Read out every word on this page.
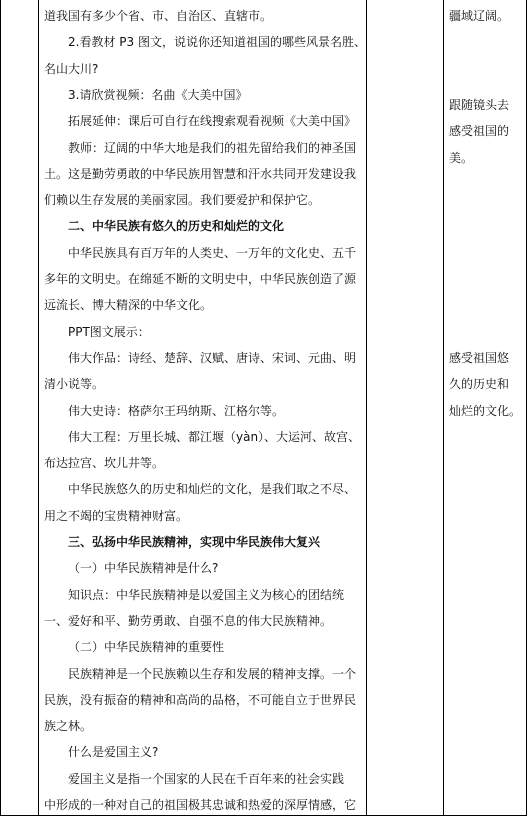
道我国有多少个省、市、自治区、直辖市。
2.看教材 P3 图文，说说你还知道祖国的哪些风景名胜、
名山大川?
3.请欣赏视频：名曲《大美中国》
拓展延伸：课后可自行在线搜索观看视频《大美中国》
教师：辽阔的中华大地是我们的祖先留给我们的神圣国
土。这是勤劳勇敢的中华民族用智慧和汗水共同开发建设我
们赖以生存发展的美丽家园。我们要爱护和保护它。
二、中华民族有悠久的历史和灿烂的文化
中华民族具有百万年的人类史、一万年的文化史、五千
多年的文明史。在绵延不断的文明史中，中华民族创造了源
远流长、博大精深的中华文化。
PPT图文展示：
伟大作品：诗经、楚辞、汉赋、唐诗、宋词、元曲、明
清小说等。
伟大史诗：格萨尔王玛纳斯、江格尔等。
伟大工程：万里长城、都江堰（yàn）、大运河、故宫、
布达拉宫、坎儿井等。
中华民族悠久的历史和灿烂的文化，是我们取之不尽、
用之不竭的宝贵精神财富。
三、弘扬中华民族精神，实现中华民族伟大复兴
（一）中华民族精神是什么?
知识点：中华民族精神是以爱国主义为核心的团结统
一、爱好和平、勤劳勇敢、自强不息的伟大民族精神。
（二）中华民族精神的重要性
民族精神是一个民族赖以生存和发展的精神支撑。一个
民族，没有振奋的精神和高尚的品格，不可能自立于世界民
族之林。
什么是爱国主义?
爱国主义是指一个国家的人民在千百年来的社会实践
中形成的一种对自己的祖国极其忠诚和热爱的深厚情感，它
疆域辽阔。
跟随镜头去
感受祖国的
美。
感受祖国悠
久的历史和
灿烂的文化。
